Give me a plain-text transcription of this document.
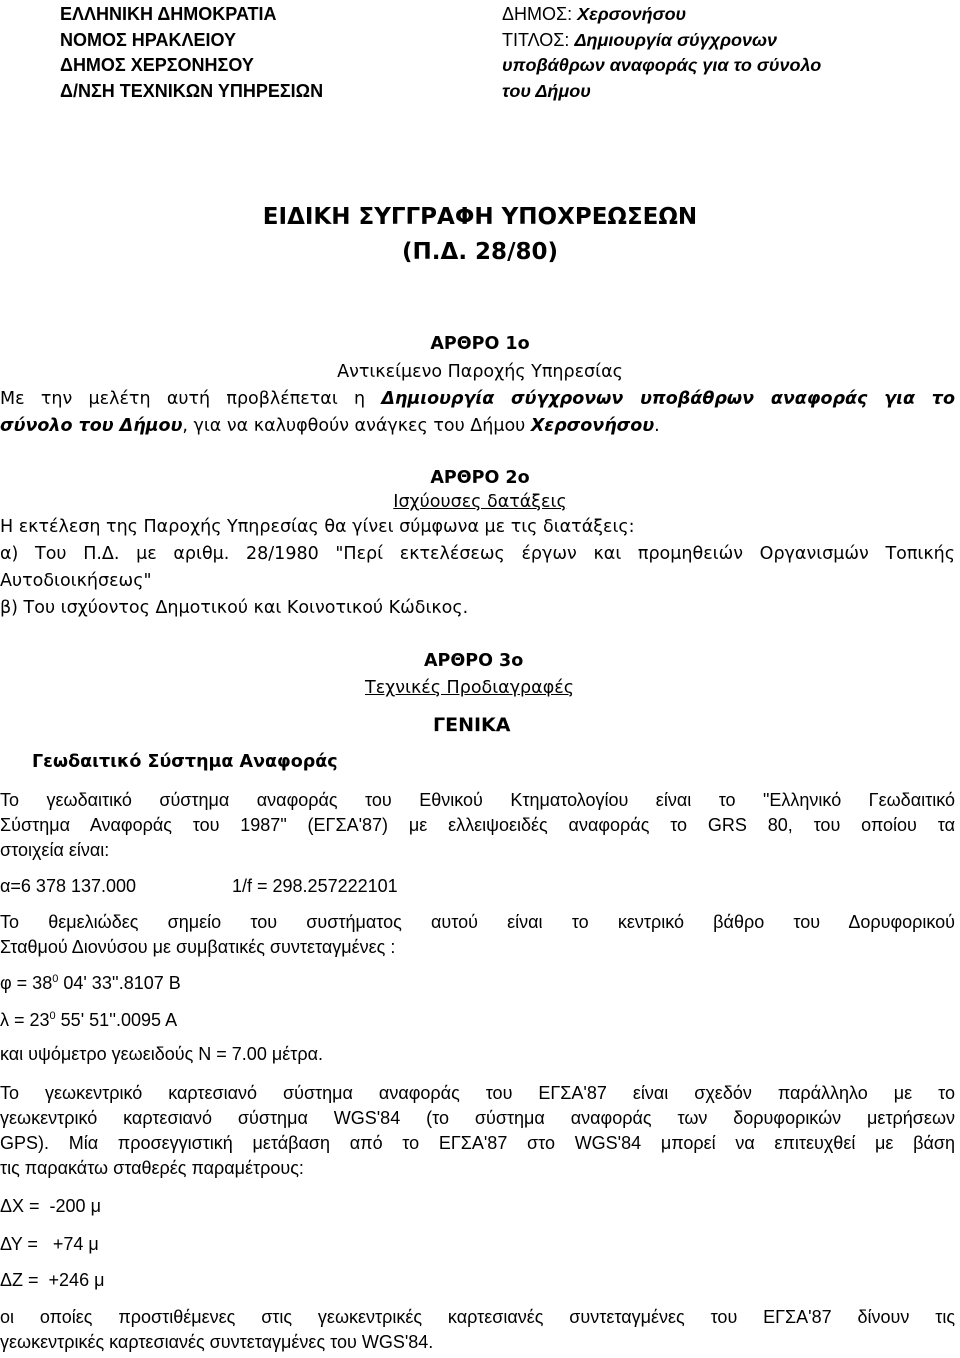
ΕΛΛΗΝΙΚΗ ΔΗΜΟΚΡΑΤΙΑ
ΝΟΜΟΣ ΗΡΑΚΛΕΙΟΥ
ΔΗΜΟΣ ΧΕΡΣΟΝΗΣΟΥ
Δ/ΝΣΗ ΤΕΧΝΙΚΩΝ ΥΠΗΡΕΣΙΩΝ
ΔΗΜΟΣ: Χερσονήσου
ΤΙΤΛΟΣ: Δημιουργία σύγχρονων
υποβάθρων αναφοράς για το σύνολο
του Δήμου
ΕΙΔΙΚΗ ΣΥΓΓΡΑΦΗ ΥΠΟΧΡΕΩΣΕΩΝ
(Π.Δ. 28/80)
ΑΡΘΡΟ 1ο
Αντικείμενο Παροχής Υπηρεσίας
Με την μελέτη αυτή προβλέπεται η Δημιουργία σύγχρονων υποβάθρων αναφοράς για το
σύνολο του Δήμου, για να καλυφθούν ανάγκες του Δήμου Χερσονήσου.
ΑΡΘΡΟ 2ο
Ισχύουσες δατάξεις
Η εκτέλεση της Παροχής Υπηρεσίας θα γίνει σύμφωνα με τις διατάξεις:
α) Του Π.Δ. με αριθμ. 28/1980 "Περί εκτελέσεως έργων και προμηθειών Οργανισμών Τοπικής
Αυτοδιοικήσεως"
β) Του ισχύοντος Δημοτικού και Κοινοτικού Κώδικος.
ΑΡΘΡΟ 3ο
Τεχνικές Προδιαγραφές
ΓΕΝΙΚΑ
Γεωδαιτικό Σύστημα Αναφοράς
Το γεωδαιτικό σύστημα αναφοράς του Εθνικού Κτηματολογίου είναι το "Ελληνικό Γεωδαιτικό
Σύστημα Αναφοράς του 1987" (ΕΓΣΑ'87) με ελλειψοειδές αναφοράς το GRS 80, του οποίου τα
στοιχεία είναι:
α=6 378 137.000	1/f = 298.257222101
Το θεμελιώδες σημείο του συστήματος αυτού είναι το κεντρικό βάθρο του Δορυφορικού
Σταθμού Διονύσου με συμβατικές συντεταγμένες :
$\varphi = 38^0$ 04' 33''.8107 Β
$\lambda = 23^0$ 55' 51''.0095 Α
και υψόμετρο γεωειδούς N = 7.00 μέτρα.
Το γεωκεντρικό καρτεσιανό σύστημα αναφοράς του ΕΓΣΑ'87 είναι σχεδόν παράλληλο με το
γεωκεντρικό καρτεσιανό σύστημα WGS'84 (το σύστημα αναφοράς των δορυφορικών μετρήσεων
GPS). Μία προσεγγιστική μετάβαση από το ΕΓΣΑ'87 στο WGS'84 μπορεί να επιτευχθεί με βάση
τις παρακάτω σταθερές παραμέτρους:
ΔΧ =  -200 μ
ΔΥ =   +74 μ
ΔΖ =  +246 μ
οι οποίες προστιθέμενες στις γεωκεντρικές καρτεσιανές συντεταγμένες του ΕΓΣΑ'87 δίνουν τις
γεωκεντρικές καρτεσιανές συντεταγμένες του WGS'84.
